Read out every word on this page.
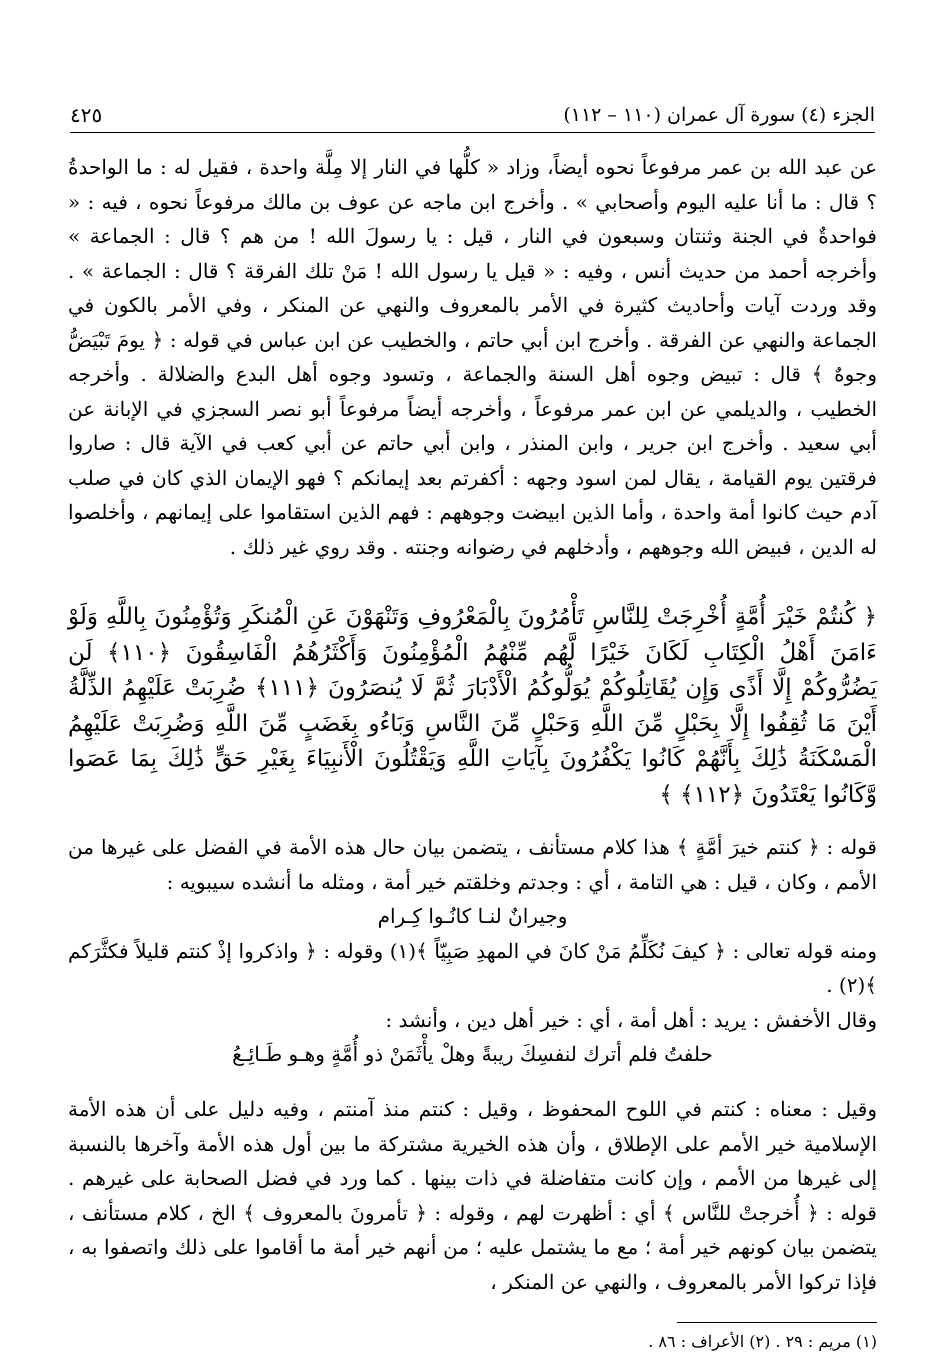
الجزء (٤) سورة آل عمران (١١٠ – ١١٢)
٤٢٥

عن عبد الله بن عمر مرفوعاً نحوه أيضاً، وزاد « كلُّها في النار إلا مِلَّة واحدة ، فقيل له : ما الواحدةُ ؟ قال : ما أنا عليه اليوم وأصحابي » . وأخرج ابن ماجه عن عوف بن مالك مرفوعاً نحوه ، فيه : « فواحدةٌ في الجنة وثنتان وسبعون في النار ، قيل : يا رسولَ الله ! من هم ؟ قال : الجماعة » وأخرجه أحمد من حديث أنس ، وفيه : « قيل يا رسول الله ! مَنْ تلك الفرقة ؟ قال : الجماعة » . وقد وردت آيات وأحاديث كثيرة في الأمر بالمعروف والنهي عن المنكر ، وفي الأمر بالكون في الجماعة والنهي عن الفرقة . وأخرج ابن أبي حاتم ، والخطيب عن ابن عباس في قوله : ﴿ يومَ تَبْيَضُّ وجوهٌ ﴾ قال : تبيض وجوه أهل السنة والجماعة ، وتسود وجوه أهل البدع والضلالة . وأخرجه الخطيب ، والديلمي عن ابن عمر مرفوعاً ، وأخرجه أيضاً مرفوعاً أبو نصر السجزي في الإبانة عن أبي سعيد . وأخرج ابن جرير ، وابن المنذر ، وابن أبي حاتم عن أبي كعب في الآية قال : صاروا فرقتين يوم القيامة ، يقال لمن اسود وجهه : أكفرتم بعد إيمانكم ؟ فهو الإيمان الذي كان في صلب آدم حيث كانوا أمة واحدة ، وأما الذين ابيضت وجوههم : فهم الذين استقاموا على إيمانهم ، وأخلصوا له الدين ، فبيض الله وجوههم ، وأدخلهم في رضوانه وجنته . وقد روي غير ذلك .

﴿ كُنتُمْ خَيْرَ أُمَّةٍ أُخْرِجَتْ لِلنَّاسِ تَأْمُرُونَ بِالْمَعْرُوفِ وَتَنْهَوْنَ عَنِ الْمُنكَرِ وَتُؤْمِنُونَ بِاللَّهِ وَلَوْ ءَامَنَ أَهْلُ الْكِتَابِ لَكَانَ خَيْرًا لَّهُم مِّنْهُمُ الْمُؤْمِنُونَ وَأَكْثَرُهُمُ الْفَاسِقُونَ ﴿١١٠﴾ لَن يَضُرُّوكُمْ إِلَّا أَذًى وَإِن يُقَاتِلُوكُمْ يُوَلُّوكُمُ الْأَدْبَارَ ثُمَّ لَا يُنصَرُونَ ﴿١١١﴾ ضُرِبَتْ عَلَيْهِمُ الذِّلَّةُ أَيْنَ مَا ثُقِفُوا إِلَّا بِحَبْلٍ مِّنَ اللَّهِ وَحَبْلٍ مِّنَ النَّاسِ وَبَاءُو بِغَضَبٍ مِّنَ اللَّهِ وَضُرِبَتْ عَلَيْهِمُ الْمَسْكَنَةُ ذَٰلِكَ بِأَنَّهُمْ كَانُوا يَكْفُرُونَ بِآيَاتِ اللَّهِ وَيَقْتُلُونَ الْأَنبِيَاءَ بِغَيْرِ حَقٍّ ذَٰلِكَ بِمَا عَصَوا وَّكَانُوا يَعْتَدُونَ ﴿١١٢﴾ ﴾

قوله : ﴿ كنتم خيرَ أمَّةٍ ﴾ هذا كلام مستأنف ، يتضمن بيان حال هذه الأمة في الفضل على غيرها من الأمم ، وكان ، قيل : هي التامة ، أي : وجدتم وخلقتم خير أمة ، ومثله ما أنشده سيبويه :

وجيرانٌ لنـا كانُـوا كِـرام

ومنه قوله تعالى : ﴿ كيفَ نُكَلِّمُ مَنْ كانَ في المهدِ صَبِيّاً ﴾(١) وقوله : ﴿ واذكروا إذْ كنتم قليلاً فكثَّرَكم ﴾(٢) .

وقال الأخفش : يريد : أهل أمة ، أي : خير أهل دين ، وأنشد :

حلفتُ فلم أترك لنفسِكَ ريبةً وهلْ يأْثَمَنْ ذو أُمَّةٍ وهـو طَـائِـعُ

وقيل : معناه : كنتم في اللوح المحفوظ ، وقيل : كنتم منذ آمنتم ، وفيه دليل على أن هذه الأمة الإسلامية خير الأمم على الإطلاق ، وأن هذه الخيرية مشتركة ما بين أول هذه الأمة وآخرها بالنسبة إلى غيرها من الأمم ، وإن كانت متفاضلة في ذات بينها . كما ورد في فضل الصحابة على غيرهم . قوله : ﴿ أُخرجتْ للنَّاس ﴾ أي : أظهرت لهم ، وقوله : ﴿ تأمرونَ بالمعروف ﴾ الخ ، كلام مستأنف ، يتضمن بيان كونهم خير أمة ؛ مع ما يشتمل عليه ؛ من أنهم خير أمة ما أقاموا على ذلك واتصفوا به ، فإذا تركوا الأمر بالمعروف ، والنهي عن المنكر ،

(١) مريم : ٢٩ . (٢) الأعراف : ٨٦ .
